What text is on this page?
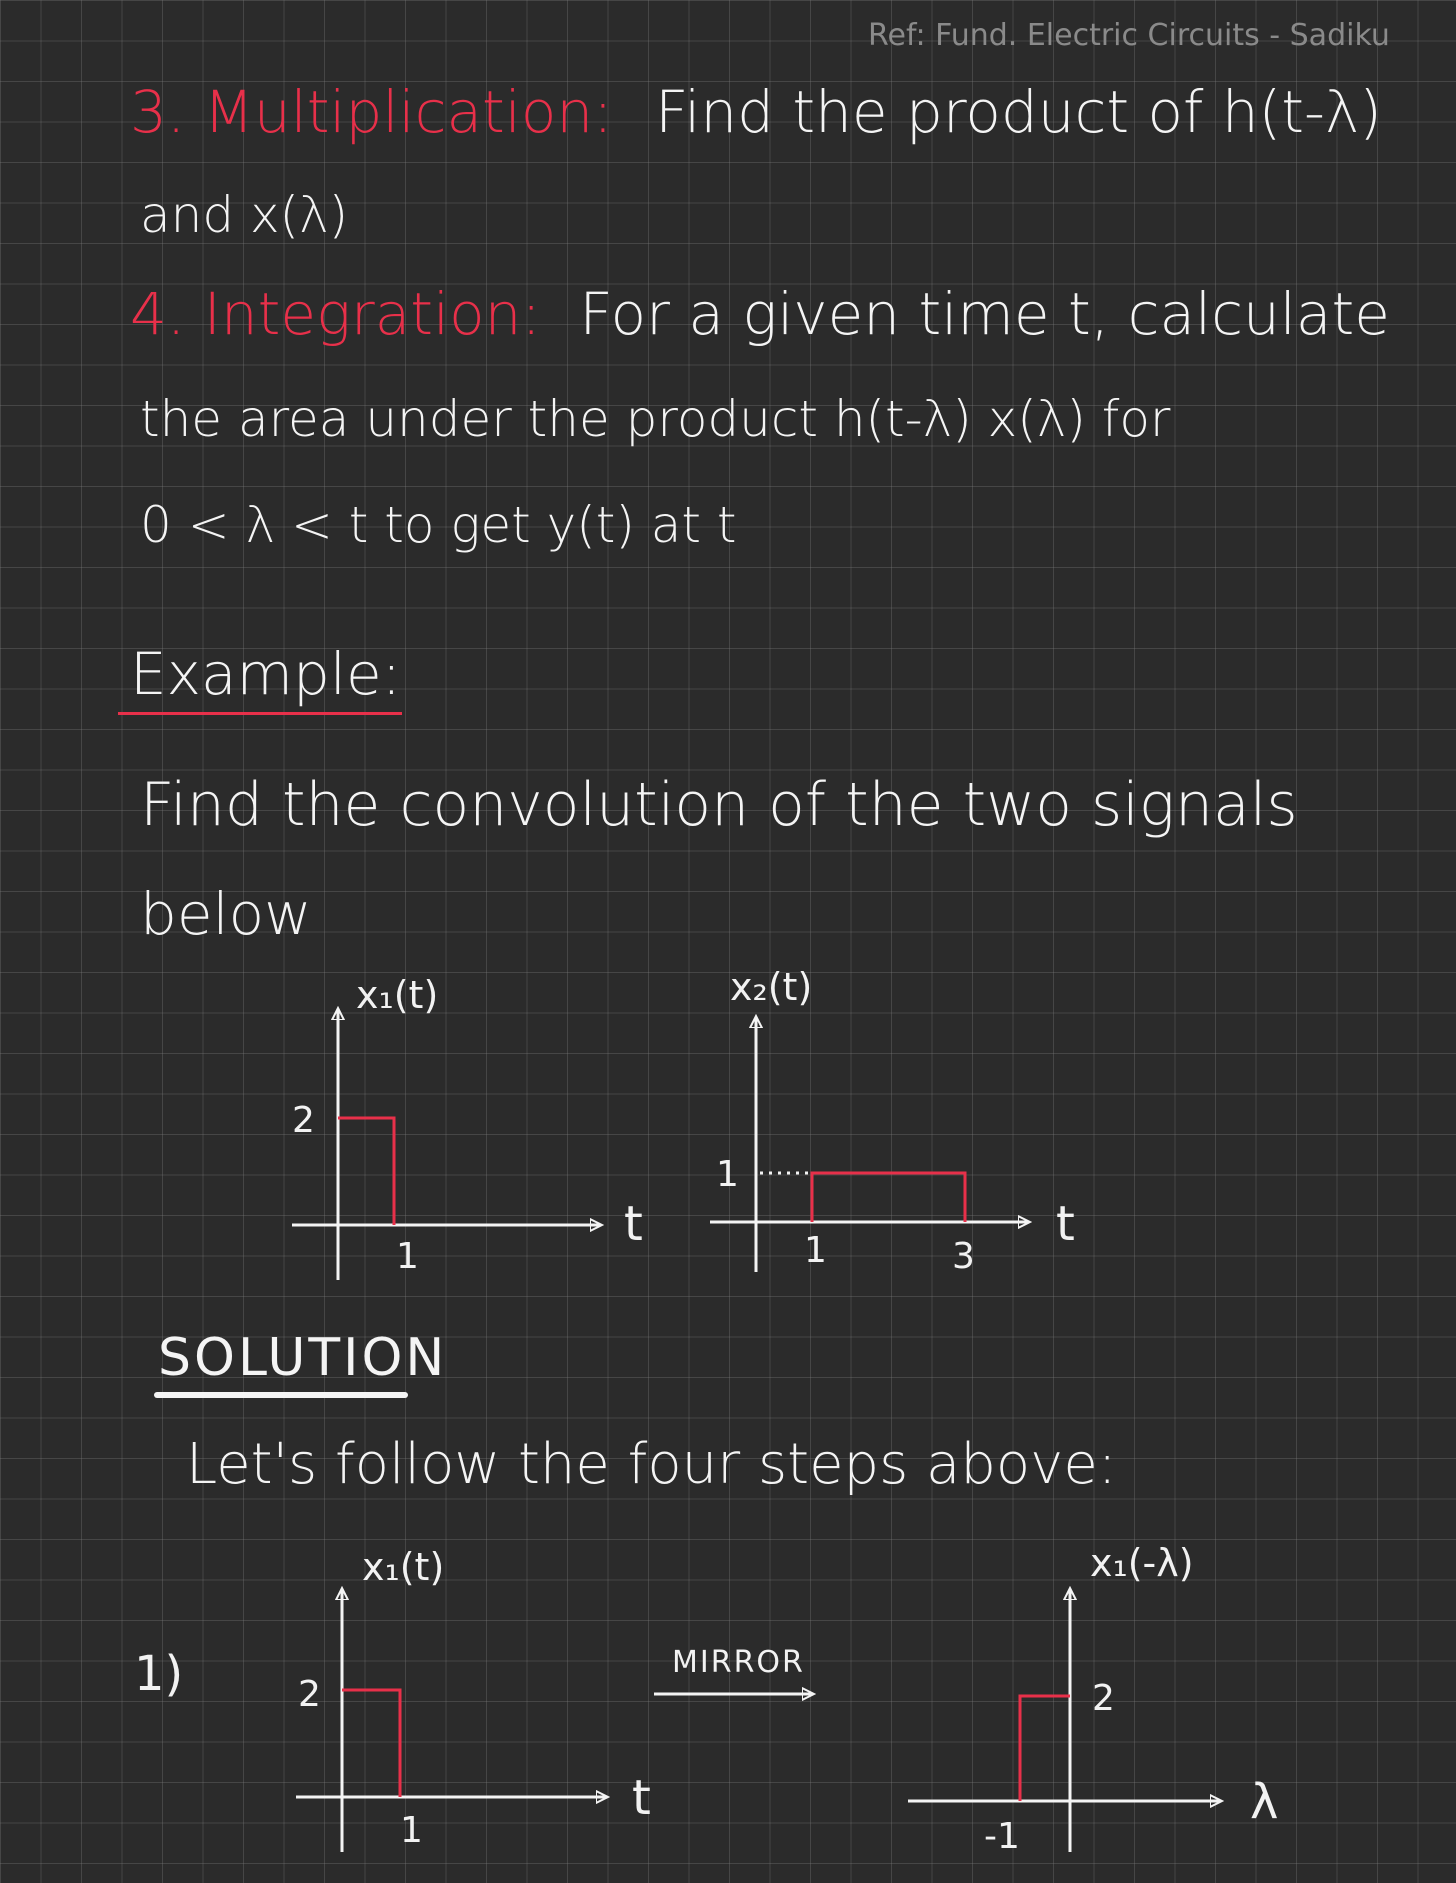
Ref: Fund. Electric Circuits - Sadiku
3. Multiplication: Find the product of h(t-λ)
and x(λ)
4. Integration: For a given time t, calculate
the area under the product h(t-λ) x(λ) for
0 < λ < t to get y(t) at t
Example:
Find the convolution of the two signals
below
x₁(t)
2
1
t
x₂(t)
1
1	3
t
1)
x₁(t)
2
1
t
MIRROR
x₁(-λ)
2
-1
λ
SOLUTION
Let's follow the four steps above:
